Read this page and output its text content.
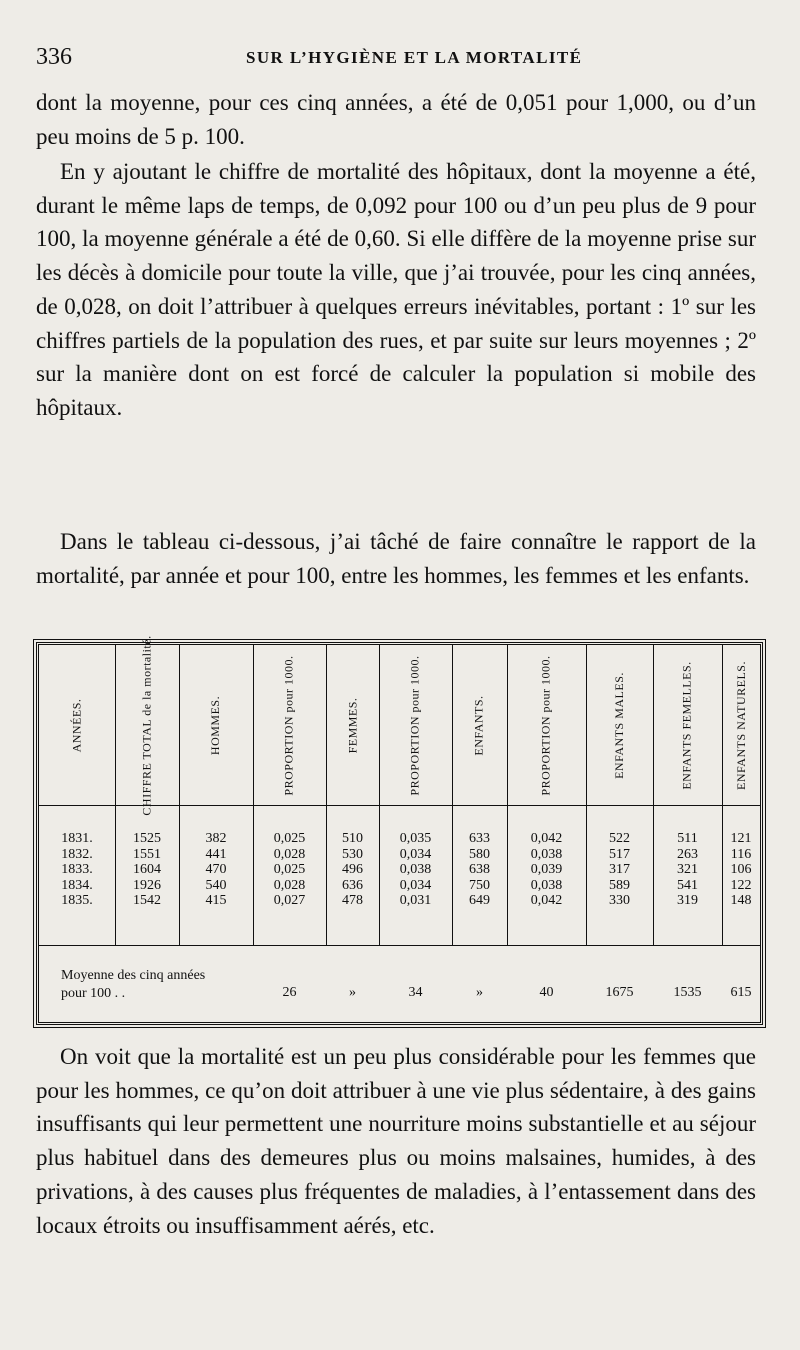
336	SUR L’HYGIÈNE ET LA MORTALITÉ

dont la moyenne, pour ces cinq années, a été de 0,051 pour 1,000, ou d’un peu moins de 5 p. 100.

En y ajoutant le chiffre de mortalité des hôpitaux, dont la moyenne a été, durant le même laps de temps, de 0,092 pour 100 ou d’un peu plus de 9 pour 100, la moyenne générale a été de 0,60. Si elle diffère de la moyenne prise sur les décès à domicile pour toute la ville, que j’ai trouvée, pour les cinq années, de 0,028, on doit l’attribuer à quelques erreurs inévitables, portant : 1º sur les chiffres partiels de la population des rues, et par suite sur leurs moyennes ; 2º sur la manière dont on est forcé de calculer la population si mobile des hôpitaux.

Dans le tableau ci-dessous, j’ai tâché de faire connaître le rapport de la mortalité, par année et pour 100, entre les hommes, les femmes et les enfants.

ANNÉES.
1831.
1832.
1833.
1834.
1835.
CHIFFRE TOTAL de la mortalité.
1525
1551
1604
1926
1542
HOMMES.
382
441
470
540
415
PROPORTION pour 1000.
0,025
0,028
0,025
0,028
0,027
26
FEMMES.
510
530
496
636
478
»
PROPORTION pour 1000.
0,035
0,034
0,038
0,034
0,031
34
ENFANTS.
633
580
638
750
649
»
PROPORTION pour 1000.
0,042
0,038
0,039
0,038
0,042
40
ENFANTS MALES.
522
517
317
589
330
1675
ENFANTS FEMELLES.
511
263
321
541
319
1535
ENFANTS NATURELS.
121
116
106
122
148
615
Moyenne des cinq années pour 100 . .

On voit que la mortalité est un peu plus considérable pour les femmes que pour les hommes, ce qu’on doit attribuer à une vie plus sédentaire, à des gains insuffisants qui leur permettent une nourriture moins substantielle et au séjour plus habituel dans des demeures plus ou moins malsaines, humides, à des privations, à des causes plus fréquentes de maladies, à l’entassement dans des locaux étroits ou insuffisamment aérés, etc.
